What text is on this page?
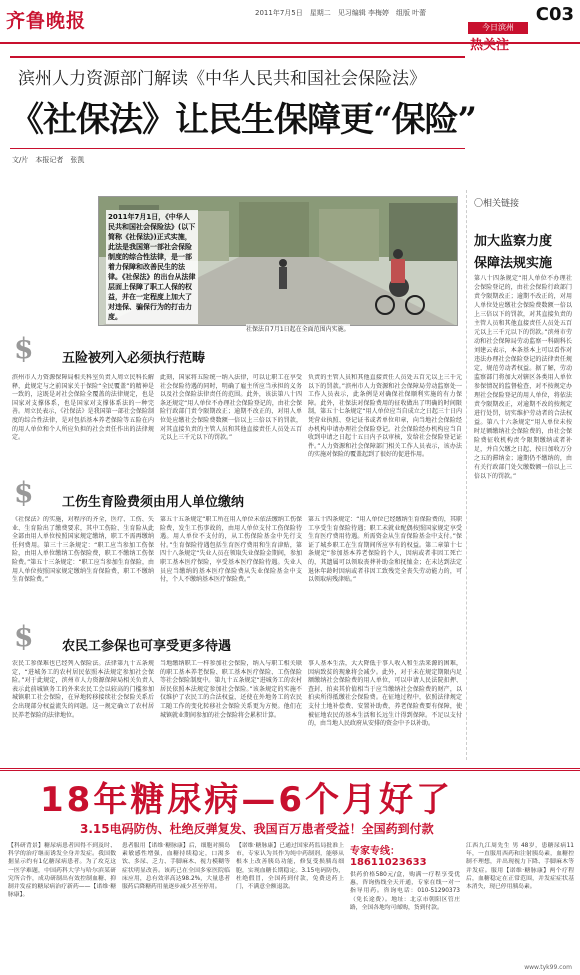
齐鲁晚报	2011年7月5日　星期二　见习编辑 李梅婷　组版 叶蕾	C03
今日滨州
热关注
滨州人力资源部门解读《中华人民共和国社会保险法》
《社保法》让民生保障更“保险”
文/片　本报记者　张凯
2011年7月1日，《中华人民共和国社会保险法》(以下简称《社保法》)正式实施，此法是我国第一部社会保险制度的综合性法律，是一部着力保障和改善民生的法律。《社保法》的出台从法律层面上保障了职工人保的权益，并在一定程度上加大了对违保、骗保行为的打击力度。
社保法自7月1日起在全面范围内实施。
〇相关链接
加大监察力度
保障法规实施
第八十四条规定“用人单位不办理社会保险登记的，由社会保险行政部门责令限期改正；逾期不改正的，对用人单位处应缴社会保险费数额一倍以上三倍以下的罚款，对其直接负责的主管人员和其他直接责任人员处五百元以上三千元以下的罚款。”滨州市劳动和社会保障局劳动监察一科副科长刘建云表示，本条基本上可以看作对违法办理社会保险登记的法律责任规定，规范劳动者权益。据了解，劳动监察部门将加大对辖区各类用人单位参保情况的监督检查，对不按规定办理社会保险登记的用人单位，将依法责令限期改正，对逾期不改的按规定进行处罚，切实维护劳动者的合法权益。第八十六条规定“用人单位未按时足额缴纳社会保险费的，由社会保险费征收机构责令限期缴纳或者补足，并自欠缴之日起，按日加收万分之五的滞纳金；逾期仍不缴纳的，由有关行政部门处欠缴数额一倍以上三倍以下的罚款。”
$ 五险被列入必须执行范畴
滨州市人力资源保障局相关科室负责人周立民科长解释，此规定与之前国家关于保险“全民覆盖”的精神是一致的，这既是对社会保险全覆盖的法律规定，也是国家对支撑体系，也是国家对支撑体系法的一种完善。周立民表示，《社保法》是我国第一部社会保险制度的综合性法律，是对包括基本养老保险等五险在内的用人单位和个人所应负担的社会责任作出的法律规定。
此刻，国家将五险统一纳入法律，可以让职工在享受社会保险待遇的同时，明确了雇主所应当承担的义务以及社会保险法律责任的范围。此外，该法第八十四条还规定“用人单位不办理社会保险登记的，由社会保险行政部门责令限期改正；逾期不改正的，对用人单位处应缴社会保险费数额一倍以上三倍以下的罚款，对其直接负责的主管人员和其他直接责任人员处五百元以上三千元以下的罚款。”
负责的主管人员和其他直接责任人员处五百元以上三千元以下的罚款。”滨州市人力资源和社会保障局劳动监察处一工作人员表示，此条例是对确保社保顺利实施的有力保障。此外，社保法对保险费用的征收做出了明确的时间限制，第五十七条规定“用人单位应当自成立之日起三十日内凭营业执照、登记证书或者单位印章，向当地社会保险经办机构申请办理社会保险登记。社会保险经办机构应当自收到申请之日起十五日内予以审核，发给社会保险登记证件。”人力资源和社会保障部门相关工作人员表示，该办法的实施对保险的覆盖起到了很好的促进作用。
$ 工伤生育险费须由用人单位缴纳
《社保法》的实施，对程序的齐全，医疗、工伤、失业、生育险出了缴费要求，其中工伤险、生育险从此全部由用人单位按照国家规定缴纳，职工不需再缴纳任何费用。第三十三条规定：“职工应当参加工伤保险，由用人单位缴纳工伤保险费，职工不缴纳工伤保险费。”第五十三条规定：“职工应当参加生育保险，由用人单位按照国家规定缴纳生育保险费，职工不缴纳生育保险费。”
第五十五条规定“职工所在用人单位未依法缴纳工伤保险费，发生工伤事故的，由用人单位支付工伤保险待遇。用人单位不支付的，从工伤保险基金中先行支付。”生育保险待遇包括生育医疗费用和生育津贴，第四十八条规定“失业人员在领取失业保险金期间，参加职工基本医疗保险，享受基本医疗保险待遇。失业人员应当缴纳的基本医疗保险费从失业保险基金中支付，个人不缴纳基本医疗保险费。”
第五十四条规定：“用人单位已经缴纳生育保险费的，其职工享受生育保险待遇；职工未就业配偶按照国家规定享受生育医疗费用待遇。所需资金从生育保险基金中支付。”保证了城乡职工在生育期间所应享有的权益。第二章第十七条规定“参加基本养老保险的个人，因病或者非因工死亡的，其遗属可以领取丧葬补助金和抚恤金；在未达到法定退休年龄时因病或者非因工致残完全丧失劳动能力的，可以领取病残津贴。”
$ 农民工参保也可享受更多待遇
农民工参保难也已经列入保险法。法律第九十五条规定，“进城务工的农村居民依照本法规定参加社会保险。”对于此规定，滨州市人力资源保障局相关负责人表示此前城镇务工的外来农民工会以较高的门槛参加城镇职工社会保险，在异地转移接续社会保险关系后会出现部分权益流失的问题。这一规定确立了农村居民养老保险的法律地位。
当地缴纳职工一样参加社会保险，纳入与职工相关联的职工基本养老保险、职工基本医疗保险、工伤保险等社会保险制度中。第九十五条规定“进城务工的农村居民依照本法规定参加社会保险。”该条规定的实施不仅维护了农民工的合法权益，还使在外地务工的农民工随工作的变化转移社会保险关系更为方便。他们在城镇就业期间参加的社会保险将会累积计算。
事人基本生活，大大降低于事人收入和生活来源的困难，因病致贫的现象将会减少。此外，对于未在规定期限内足额缴纳社会保险费的用人单位，可以申请人民法院扣押、查封、拍卖其价值相当于应当缴纳社会保险费的财产，以拍卖所得抵缴社会保险费。在征地过程中，依照法律规定支付土地补偿费、安置补助费，养老保险费要有保障，使被征地农民的基本生活和长远生计得到保障。不足以支付的，由当地人民政府从安排的资金中予以补助。
18年糖尿病—6个月好了
3.15电码防伪、杜绝反弹复发、我国百万患者受益！全国药到付款
【科研背景】糖尿病患者因得不到及时、科学的治疗继而诱发全身并发症。我国数据显示约有1亿糖尿病患者。为了攻克这一医学难题，中国药科大学与哈尔滨某研究所合作，成功研制出有效控制血糖、抑制并发症的糖尿病治疗新药——【诺维·糖脉康】。
患者服用【诺维·糖脉康】后，细胞对胰岛素敏感性增强，血糖持续稳定，口渴多饮、多尿、乏力、手脚麻木、视力模糊等症状明显改善。该药已在全国多家医院临床应用，总有效率高达98.2%，大量患者服药后降糖药用量逐步减少甚至停用。
【诺维·糖脉康】已通过国家药监局批准上市，专家认为其作为纯中药制剂，能够从根本上改善胰岛功能，修复受损胰岛细胞，实现血糖长期稳定。3.15电码防伪，杜绝假冒，全国药到付款，免费送药上门，不满意全额退款。
专家专线：18611023633
供药价格580元/盒，购满一疗程享受优惠，咨询热线全天开通，专家在线一对一指导用药。咨询电话：010-51290373（免长途费）。地址：北京市朝阳区管庄路，全国各地均可邮购，货到付款。
江西九江周先生 男 48岁，患糖尿病11年，一直服用西药和注射胰岛素，血糖控制不理想，并出现视力下降、手脚麻木等并发症。服用【诺维·糖脉康】两个疗程后，血糖稳定在正常范围，并发症症状基本消失，现已停用胰岛素。
www.tyk99.com
